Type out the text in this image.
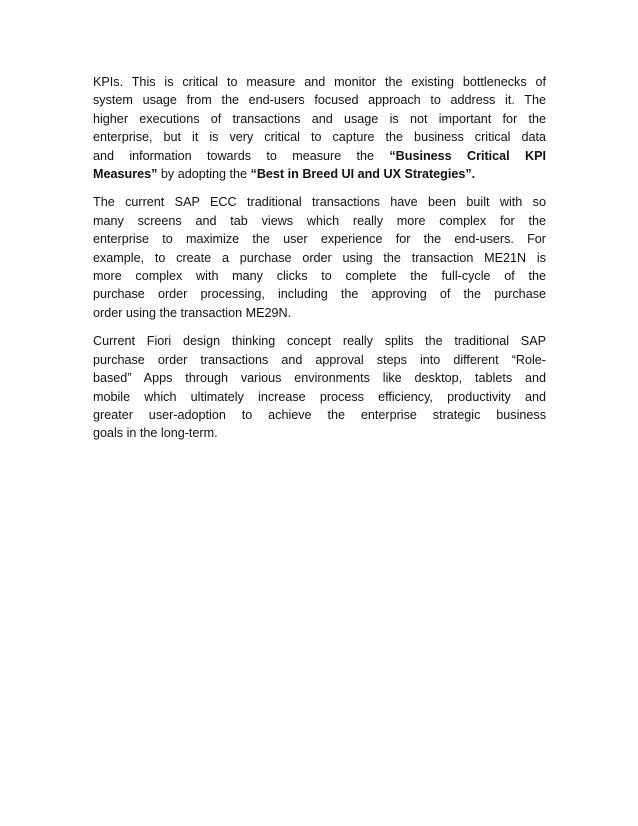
KPIs. This is critical to measure and monitor the existing bottlenecks of
system usage from the end-users focused approach to address it. The
higher executions of transactions and usage is not important for the
enterprise, but it is very critical to capture the business critical data
and information towards to measure the “Business Critical KPI
Measures” by adopting the “Best in Breed UI and UX Strategies”.

The current SAP ECC traditional transactions have been built with so
many screens and tab views which really more complex for the
enterprise to maximize the user experience for the end-users. For
example, to create a purchase order using the transaction ME21N is
more complex with many clicks to complete the full-cycle of the
purchase order processing, including the approving of the purchase
order using the transaction ME29N.

Current Fiori design thinking concept really splits the traditional SAP
purchase order transactions and approval steps into different “Role-
based” Apps through various environments like desktop, tablets and
mobile which ultimately increase process efficiency, productivity and
greater user-adoption to achieve the enterprise strategic business
goals in the long-term.
